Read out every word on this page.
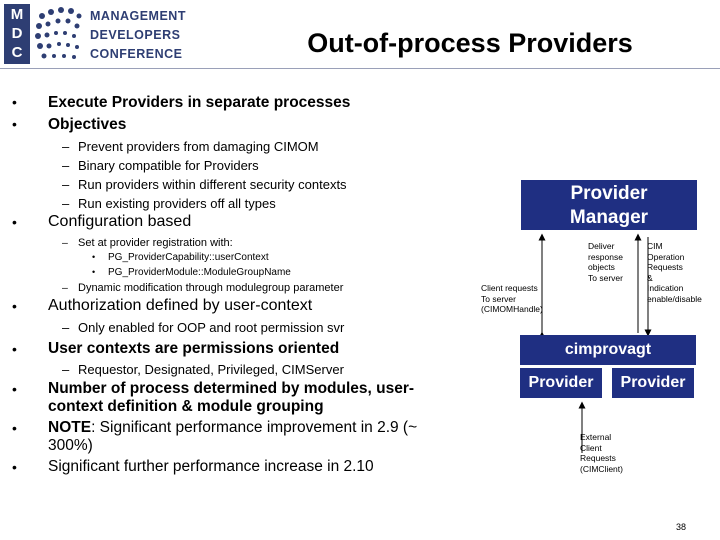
M
D
C
MANAGEMENT
DEVELOPERS
CONFERENCE	Out-of-process Providers
• Execute Providers in separate processes
• Objectives
– Prevent providers from damaging CIMOM
– Binary compatible for Providers
– Run providers within different security contexts
– Run existing providers off all types
• Configuration based
– Set at provider registration with:
• PG_ProviderCapability::userContext
• PG_ProviderModule::ModuleGroupName
– Dynamic modification through modulegroup parameter
• Authorization defined by user-context
– Only enabled for OOP and root permission svr
• User contexts are permissions oriented
– Requestor, Designated, Privileged, CIMServer
• Number of process determined by modules, user-
context definition & module grouping
• NOTE: Significant performance improvement in 2.9 (~
300%)
• Significant further performance increase in 2.10
Provider
Manager
Deliver
response
objects
To server
CIM
Operation
Requests
&
Indication
enable/disable
Client requests
To server
(CIMOMHandle)
cimprovagt
Provider	Provider
External
Client
Requests
(CIMClient)
38
